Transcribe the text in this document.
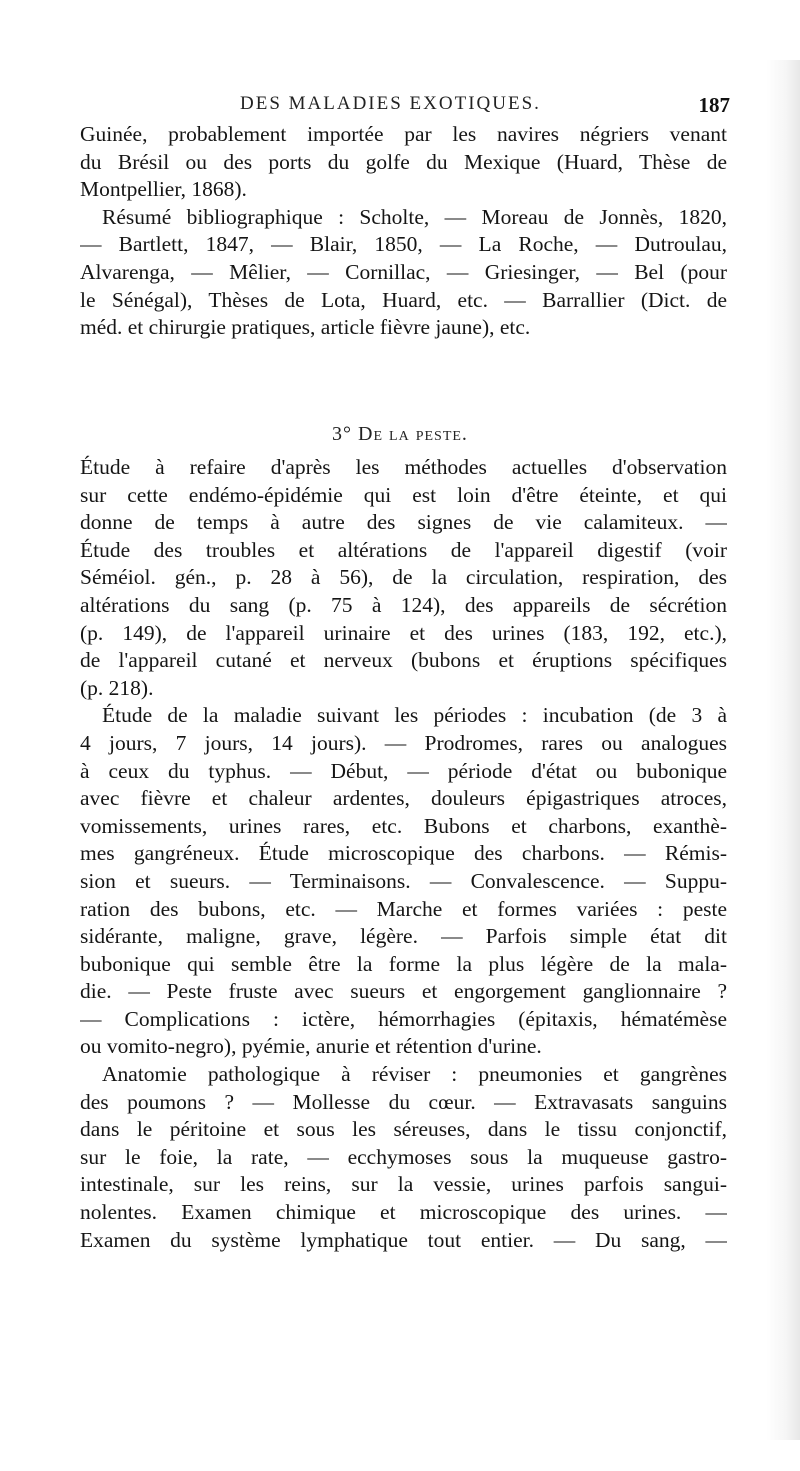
DES MALADIES EXOTIQUES.	187
Guinée, probablement importée par les navires négriers venant
du Brésil ou des ports du golfe du Mexique (Huard, Thèse de
Montpellier, 1868).
Résumé bibliographique : Scholte, — Moreau de Jonnès, 1820,
— Bartlett, 1847, — Blair, 1850, — La Roche, — Dutroulau,
Alvarenga, — Mêlier, — Cornillac, — Griesinger, — Bel (pour
le Sénégal), Thèses de Lota, Huard, etc. — Barrallier (Dict. de
méd. et chirurgie pratiques, article fièvre jaune), etc.
3° De la peste.
Étude à refaire d'après les méthodes actuelles d'observation
sur cette endémo-épidémie qui est loin d'être éteinte, et qui
donne de temps à autre des signes de vie calamiteux. —
Étude des troubles et altérations de l'appareil digestif (voir
Séméiol. gén., p. 28 à 56), de la circulation, respiration, des
altérations du sang (p. 75 à 124), des appareils de sécrétion
(p. 149), de l'appareil urinaire et des urines (183, 192, etc.),
de l'appareil cutané et nerveux (bubons et éruptions spécifiques
(p. 218).
Étude de la maladie suivant les périodes : incubation (de 3 à
4 jours, 7 jours, 14 jours). — Prodromes, rares ou analogues
à ceux du typhus. — Début, — période d'état ou bubonique
avec fièvre et chaleur ardentes, douleurs épigastriques atroces,
vomissements, urines rares, etc. Bubons et charbons, exanthè-
mes gangréneux. Étude microscopique des charbons. — Rémis-
sion et sueurs. — Terminaisons. — Convalescence. — Suppu-
ration des bubons, etc. — Marche et formes variées : peste
sidérante, maligne, grave, légère. — Parfois simple état dit
bubonique qui semble être la forme la plus légère de la mala-
die. — Peste fruste avec sueurs et engorgement ganglionnaire ?
— Complications : ictère, hémorrhagies (épitaxis, hématémèse
ou vomito-negro), pyémie, anurie et rétention d'urine.
Anatomie pathologique à réviser : pneumonies et gangrènes
des poumons ? — Mollesse du cœur. — Extravasats sanguins
dans le péritoine et sous les séreuses, dans le tissu conjonctif,
sur le foie, la rate, — ecchymoses sous la muqueuse gastro-
intestinale, sur les reins, sur la vessie, urines parfois sangui-
nolentes. Examen chimique et microscopique des urines. —
Examen du système lymphatique tout entier. — Du sang, —
